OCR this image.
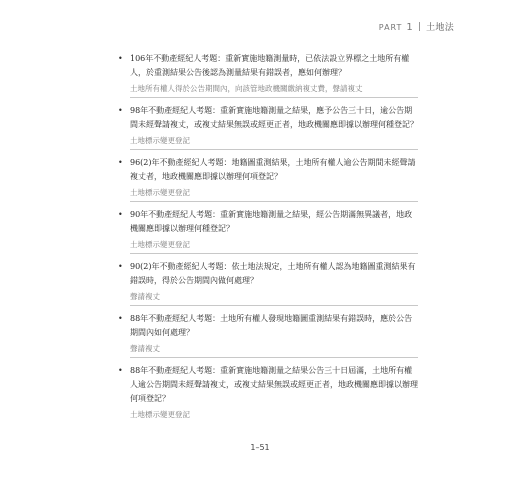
PART 1 土地法
• 106年不動產經紀人考題：重新實施地籍測量時，已依法設立界標之土地所有權人，於重測結果公告後認為測量結果有錯誤者，應如何辦理？
土地所有權人得於公告期間內，向該管地政機關繳納複丈費，聲請複丈
• 98年不動產經紀人考題：重新實施地籍測量之結果，應予公告三十日，逾公告期間未經聲請複丈，或複丈結果無誤或經更正者，地政機關應即據以辦理何種登記？
土地標示變更登記
• 96(2)年不動產經紀人考題：地籍圖重測結果，土地所有權人逾公告期間未經聲請複丈者，地政機關應即據以辦理何項登記？
土地標示變更登記
• 90年不動產經紀人考題：重新實施地籍測量之結果，經公告期滿無異議者，地政機關應即據以辦理何種登記？
土地標示變更登記
• 90(2)年不動產經紀人考題：依土地法規定，土地所有權人認為地籍圖重測結果有錯誤時，得於公告期間內做何處理？
聲請複丈
• 88年不動產經紀人考題：土地所有權人發現地籍圖重測結果有錯誤時，應於公告期間內如何處理？
聲請複丈
• 88年不動產經紀人考題：重新實施地籍測量之結果公告三十日屆滿，土地所有權人逾公告期間未經聲請複丈，或複丈結果無誤或經更正者，地政機關應即據以辦理何項登記？
土地標示變更登記
1–51
